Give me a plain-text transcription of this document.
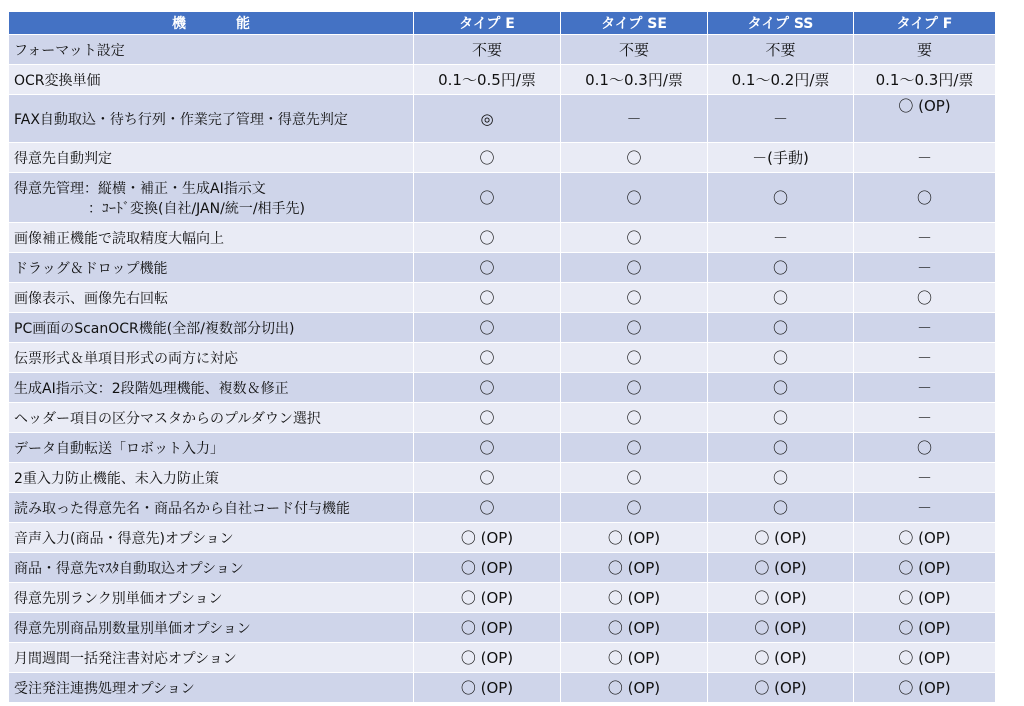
機　能	タイプ E	タイプ SE	タイプ SS	タイプ F
フォーマット設定	不要	不要	不要	要
OCR変換単価	0.1～0.5円/票	0.1～0.3円/票	0.1～0.2円/票	0.1～0.3円/票
FAX自動取込・待ち行列・作業完了管理・得意先判定	◎	－	－	〇 (OP)
得意先自動判定	〇	〇	－(手動)	－

得意先管理：縦横・補正・生成AI指示文
：ｺｰﾄﾞ変換(自社/JAN/統一/相手先)	〇	〇	〇	〇
画像補正機能で読取精度大幅向上	〇	〇	－	－
ドラッグ＆ドロップ機能	〇	〇	〇	－
画像表示、画像先右回転	〇	〇	〇	〇
PC画面のScanOCR機能(全部/複数部分切出)	〇	〇	〇	－
伝票形式＆単項目形式の両方に対応	〇	〇	〇	－
生成AI指示文：2段階処理機能、複数＆修正	〇	〇	〇	－
ヘッダー項目の区分マスタからのプルダウン選択	〇	〇	〇	－
データ自動転送「ロボット入力」	〇	〇	〇	〇
2重入力防止機能、未入力防止策	〇	〇	〇	－
読み取った得意先名・商品名から自社コード付与機能	〇	〇	〇	－
音声入力(商品・得意先)オプション	〇 (OP)	〇 (OP)	〇 (OP)	〇 (OP)
商品・得意先ﾏｽﾀ自動取込オプション	〇 (OP)	〇 (OP)	〇 (OP)	〇 (OP)
得意先別ランク別単価オプション	〇 (OP)	〇 (OP)	〇 (OP)	〇 (OP)
得意先別商品別数量別単価オプション	〇 (OP)	〇 (OP)	〇 (OP)	〇 (OP)
月間週間一括発注書対応オプション	〇 (OP)	〇 (OP)	〇 (OP)	〇 (OP)
受注発注連携処理オプション	〇 (OP)	〇 (OP)	〇 (OP)	〇 (OP)
